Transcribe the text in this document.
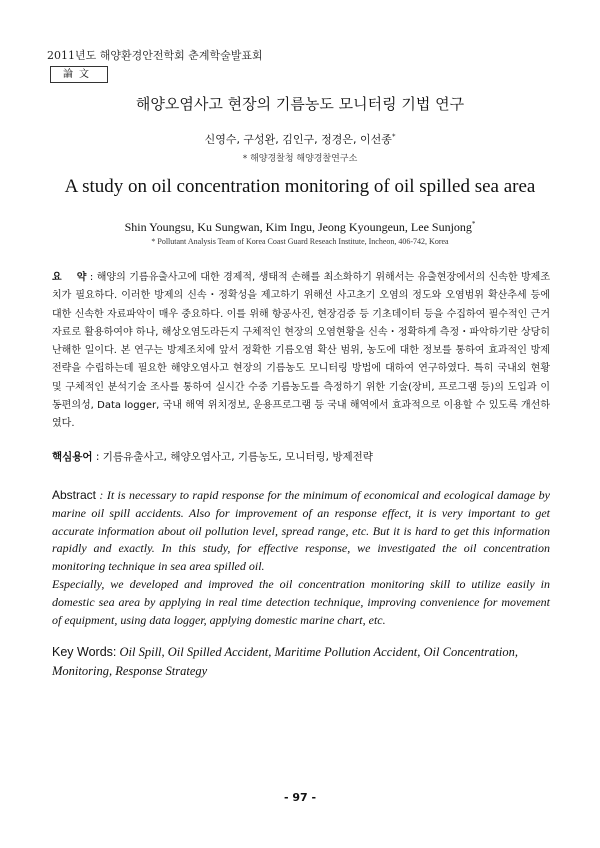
2011년도 해양환경안전학회 춘계학술발표회
論文
해양오염사고 현장의 기름농도 모니터링 기법 연구
신영수, 구성완, 김인구, 정경은, 이선종*
* 해양경찰청 해양경찰연구소
A study on oil concentration monitoring of oil spilled sea area
Shin Youngsu, Ku Sungwan, Kim Ingu, Jeong Kyoungeun, Lee Sunjong*
* Pollutant Analysis Team of Korea Coast Guard Reseach Institute, Incheon, 406-742, Korea
요    약 : 해양의 기름유출사고에 대한 경제적, 생태적 손해를 최소화하기 위해서는 유출현장에서의 신속한 방제조치가 필요하다. 이러한 방제의 신속・정확성을 제고하기 위해선 사고초기 오염의 정도와 오염범위 확산추세 등에 대한 신속한 자료파악이 매우 중요하다. 이를 위해 항공사진, 현장검증 등 기초데이터 등을 수집하여 필수적인 근거자료로 활용하여야 하나, 해상오염도라든지 구체적인 현장의 오염현황을 신속・정확하게 측정・파악하기란 상당히 난해한 일이다. 본 연구는 방제조치에 앞서 정확한 기름오염 확산 범위, 농도에 대한 정보를 통하여 효과적인 방제전략을 수립하는데 필요한 해양오염사고 현장의 기름농도 모니터링 방법에 대하여 연구하였다. 특히 국내외 현황 및 구체적인 분석기술 조사를 통하여 실시간 수중 기름농도를 측정하기 위한 기술(장비, 프로그램 등)의 도입과 이동편의성, Data logger, 국내 해역 위치정보, 운용프로그램 등 국내 해역에서 효과적으로 이용할 수 있도록 개선하였다.
핵심용어 : 기름유출사고, 해양오염사고, 기름농도, 모니터링, 방제전략

Abstract : It is necessary to rapid response for the minimum of economical and ecological damage by marine oil spill accidents. Also for improvement of an response effect, it is very important to get accurate information about oil pollution level, spread range, etc. But it is hard to get this information rapidly and exactly. In this study, for effective response, we investigated the oil concentration monitoring technique in sea area spilled oil.

Especially, we developed and improved the oil concentration monitoring skill to utilize easily in domestic sea area by applying in real time detection technique, improving convenience for movement of equipment, using data logger, applying domestic marine chart, etc.

Key Words: Oil Spill, Oil Spilled Accident, Maritime Pollution Accident, Oil Concentration, Monitoring, Response Strategy
- 97 -
